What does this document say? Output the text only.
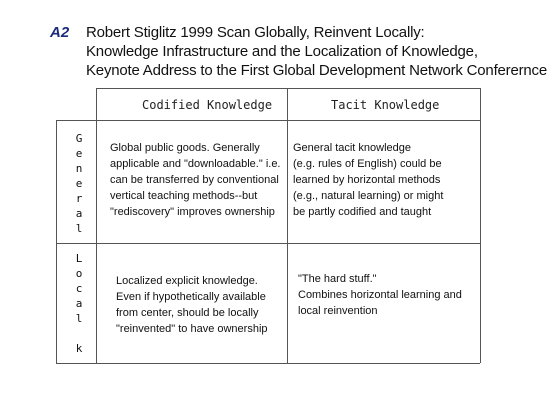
A2 Robert Stiglitz 1999 Scan Globally, Reinvent Locally:
Knowledge Infrastructure and the Localization of Knowledge,
Keynote Address to the First Global Development Network Conferernce
Codified Knowledge	Tacit Knowledge
G
e
n
e
r
a
l
Global public goods. Generally
applicable and "downloadable." i.e.
can be transferred by conventional
vertical teaching methods--but
"rediscovery" improves ownership
General tacit knowledge
(e.g. rules of English) could be
learned by horizontal methods
(e.g., natural learning) or might
be partly codified and taught
L
o
c
a
l
k
Localized explicit knowledge.
Even if hypothetically available
from center, should be locally
"reinvented" to have ownership
"The hard stuff."
Combines horizontal learning and
local reinvention
